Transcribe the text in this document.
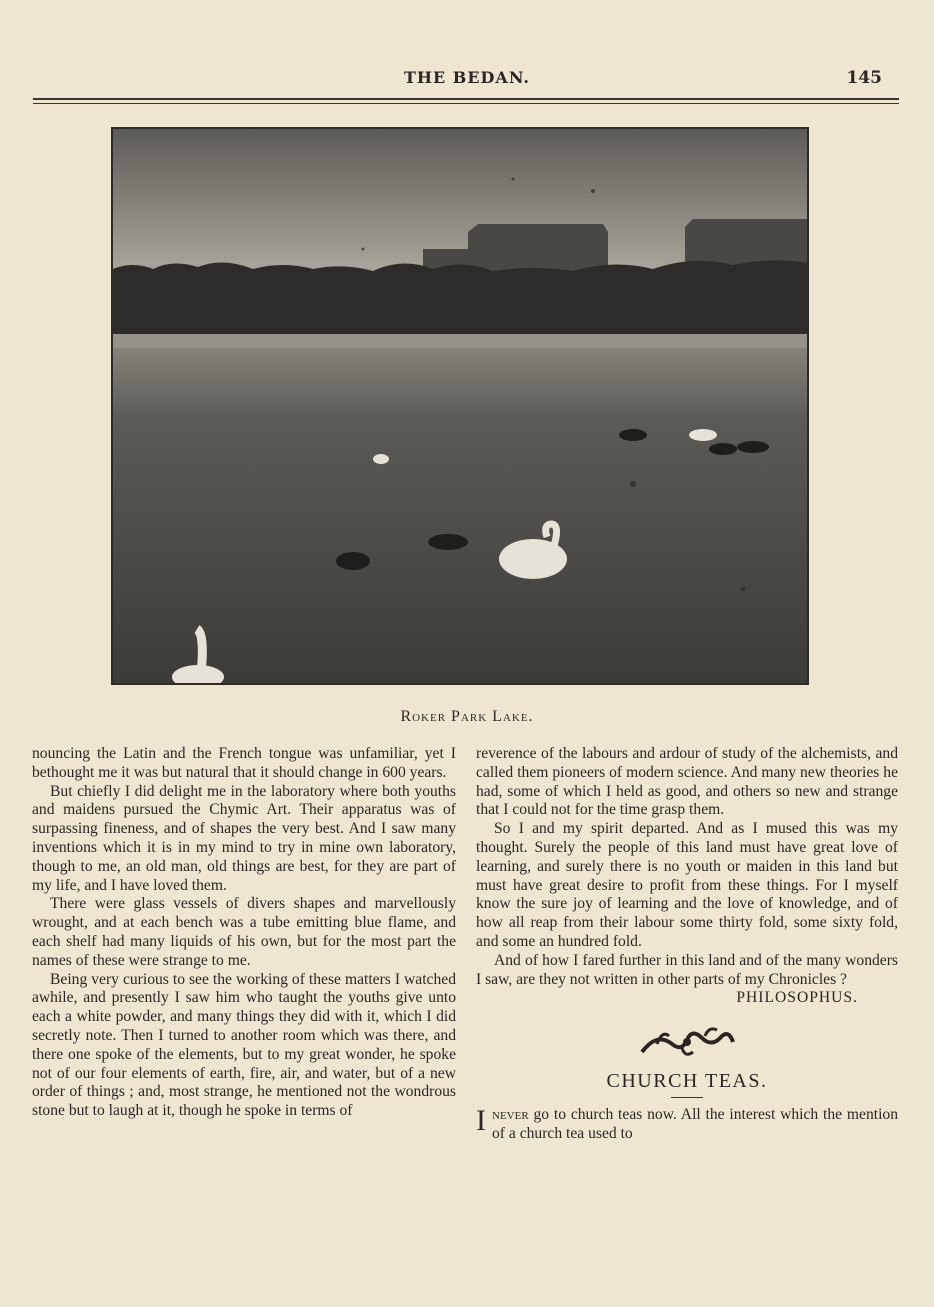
THE BEDAN.	145
Roker Park Lake.

nouncing the Latin and the French tongue was unfamiliar, yet I bethought me it was but natural that it should change in 600 years.

But chiefly I did delight me in the laboratory where both youths and maidens pursued the Chymic Art. Their apparatus was of surpassing fineness, and of shapes the very best. And I saw many inventions which it is in my mind to try in mine own laboratory, though to me, an old man, old things are best, for they are part of my life, and I have loved them.

There were glass vessels of divers shapes and marvellously wrought, and at each bench was a tube emitting blue flame, and each shelf had many liquids of his own, but for the most part the names of these were strange to me.

Being very curious to see the working of these matters I watched awhile, and presently I saw him who taught the youths give unto each a white powder, and many things they did with it, which I did secretly note. Then I turned to another room which was there, and there one spoke of the elements, but to my great wonder, he spoke not of our four elements of earth, fire, air, and water, but of a new order of things ; and, most strange, he mentioned not the wondrous stone but to laugh at it, though he spoke in terms of

reverence of the labours and ardour of study of the alchemists, and called them pioneers of modern science. And many new theories he had, some of which I held as good, and others so new and strange that I could not for the time grasp them.

So I and my spirit departed. And as I mused this was my thought. Surely the people of this land must have great love of learning, and surely there is no youth or maiden in this land but must have great desire to profit from these things. For I myself know the sure joy of learning and the love of knowledge, and of how all reap from their labour some thirty fold, some sixty fold, and some an hundred fold.

And of how I fared further in this land and of the many wonders I saw, are they not written in other parts of my Chronicles ?

PHILOSOPHUS.

CHURCH TEAS.

Inever go to church teas now. All the interest which the mention of a church tea used to
